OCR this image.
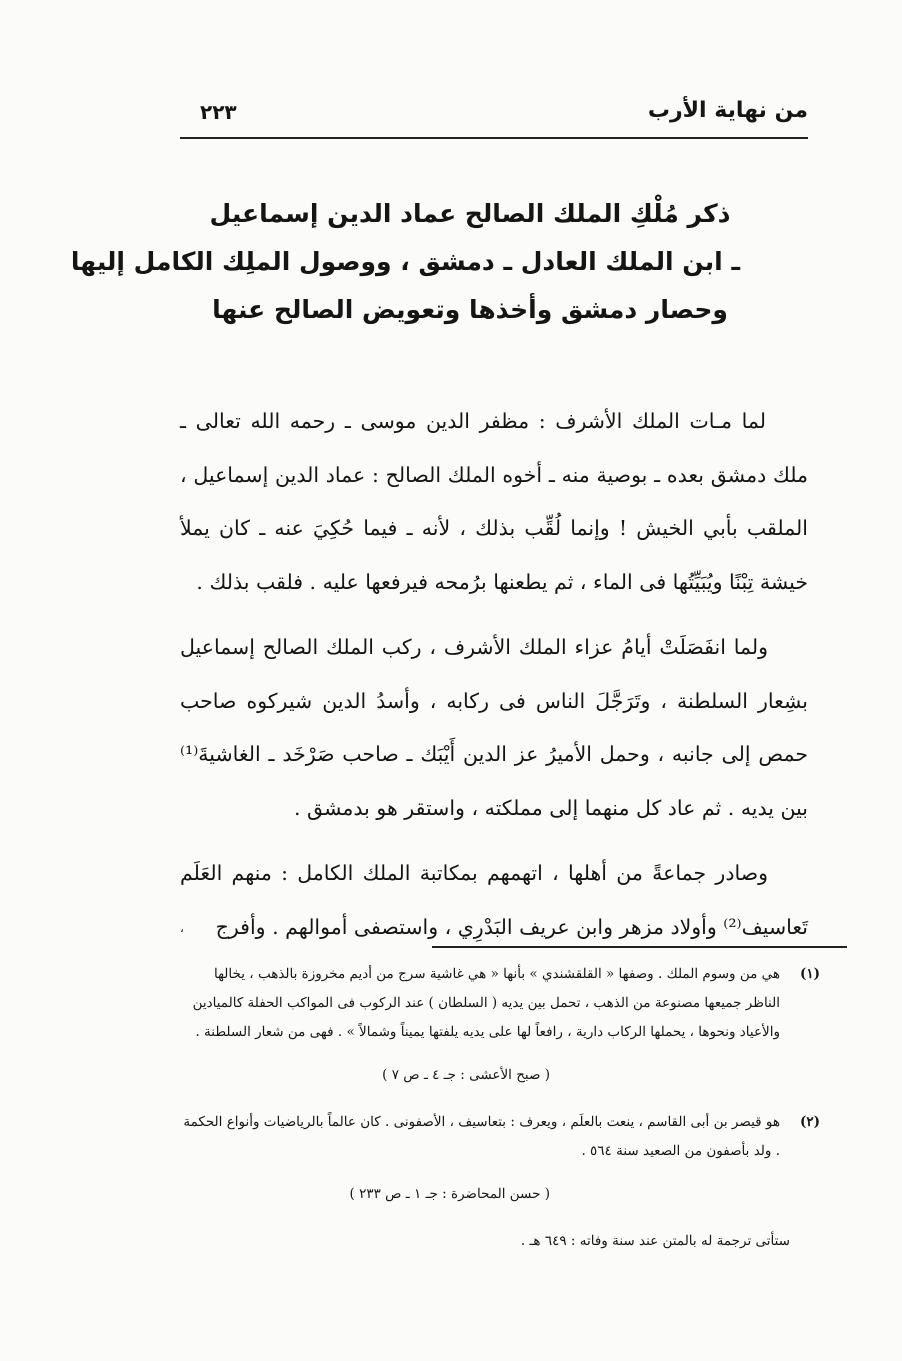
من نهاية الأرب
٢٢٣
ذكر مُلْكِ الملك الصالح عماد الدين إسماعيل
ـ ابن الملك العادل ـ دمشق ، ووصول الملِك الكامل إليها
وحصار دمشق وأخذها وتعويض الصالح عنها

لما مـات الملك الأشرف : مظفر الدين موسى ـ رحمه الله تعالى ـ ملك دمشق بعده ـ بوصية منه ـ أخوه الملك الصالح : عماد الدين إسماعيل ، الملقب بأبي الخيش ! وإنما لُقِّب بذلك ، لأنه ـ فيما حُكِيَ عنه ـ كان يملأ خيشة تِبْنًا ويُبَيِّتُها فى الماء ، ثم يطعنها برُمحه فيرفعها عليه . فلقب بذلك .

ولما انفَصَلَتْ أيامُ عزاء الملك الأشرف ، ركب الملك الصالح إسماعيل بشِعار السلطنة ، وتَرَجَّلَ الناس فى ركابه ، وأسدُ الدين شيركوه صاحب حمص إلى جانبه ، وحمل الأميرُ عز الدين أَيْبَك ـ صاحب صَرْخَد ـ الغاشيةَ⁽¹⁾ بين يديه . ثم عاد كل منهما إلى مملكته ، واستقر هو بدمشق .

وصادر جماعةً من أهلها ، اتهمهم بمكاتبة الملك الكامل : منهم العَلَم تَعاسيف⁽²⁾ وأولاد مزهر وابن عريف البَدْرِي ، واستصفى أموالهم . وأفرج

،
(١)
هي من وسوم الملك . وصفها « القلقشندي » بأنها « هي غاشية سرج من أديم مخروزة بالذهب ، يخالها الناظر جميعها مصنوعة من الذهب ، تحمل بين يديه ( السلطان ) عند الركوب فى المواكب الحفلة كالميادين والأعياد ونحوها ، يحملها الركاب دارية ، رافعاً لها على يديه يلفتها يميناً وشمالاً » . فهى من شعار السلطنة .
( صبح الأعشى : جـ ٤ ـ ص ٧ )
(٢)
هو قيصر بن أبى القاسم ، ينعت بالعلَم ، ويعرف : بتعاسيف ، الأصفونى . كان عالماً بالرياضيات وأنواع الحكمة . ولد بأصفون من الصعيد سنة ٥٦٤ .
( حسن المحاضرة : جـ ١ ـ ص ٢٣٣ )
ستأتى ترجمة له بالمتن عند سنة وفاته : ٦٤٩ هـ .
